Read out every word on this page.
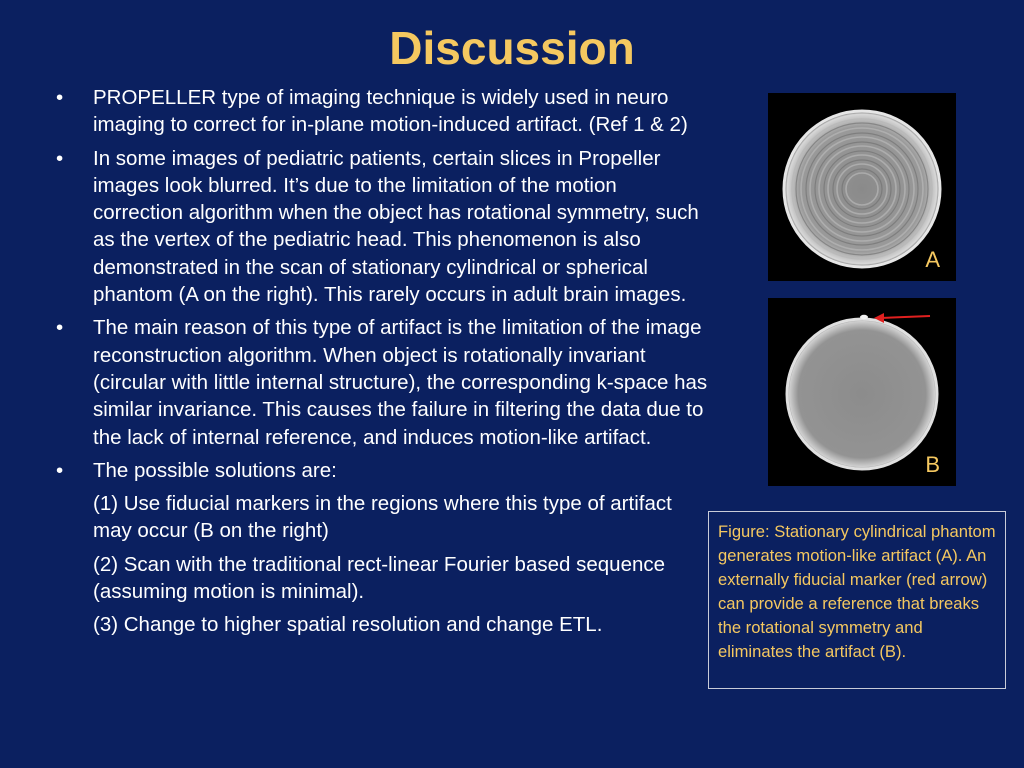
Discussion
•	PROPELLER type of imaging technique is widely used in neuro imaging to correct for in-plane motion-induced artifact. (Ref 1 & 2)
•	In some images of pediatric patients, certain slices in Propeller images look blurred. It’s due to the limitation of the motion correction algorithm when the object has rotational symmetry, such as the vertex of the pediatric head. This phenomenon is also demonstrated in the scan of stationary cylindrical or spherical phantom (A on the right). This rarely occurs in adult brain images.
•	The main reason of this type of artifact is the limitation of the image reconstruction algorithm. When object is rotationally invariant (circular with little internal structure), the corresponding k-space has similar invariance. This causes the failure in filtering the data due to the lack of internal reference, and induces motion-like artifact.
•	The possible solutions are:
(1) Use fiducial markers in the regions where this type of artifact may occur (B on the right)
(2) Scan with the traditional rect-linear Fourier based sequence (assuming motion is minimal).
(3) Change to higher spatial resolution and change ETL.
A
B
Figure: Stationary cylindrical phantom generates motion-like artifact (A). An externally fiducial marker (red arrow) can provide a reference that breaks the rotational symmetry and eliminates the artifact (B).
